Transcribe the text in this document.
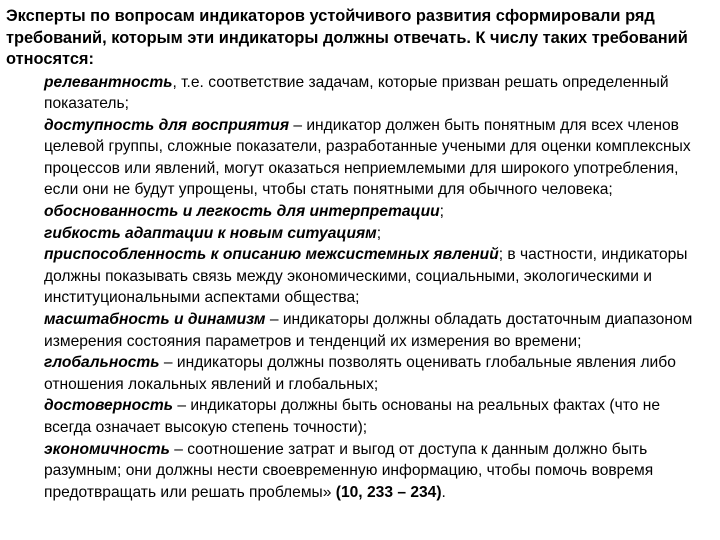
Эксперты по вопросам индикаторов устойчивого развития сформировали ряд требований, которым эти индикаторы должны отвечать. К числу таких требований относятся:

релевантность, т.е. соответствие задачам, которые призван решать определенный показатель;

доступность для восприятия – индикатор должен быть понятным для всех членов целевой группы, сложные показатели, разработанные учеными для оценки комплексных процессов или явлений, могут оказаться неприемлемыми для широкого употребления, если они не будут упрощены, чтобы стать понятными для обычного человека;

обоснованность и легкость для интерпретации;

гибкость адаптации к новым ситуациям;

приспособленность к описанию межсистемных явлений; в частности, индикаторы должны показывать связь между экономическими, социальными, экологическими и институциональными аспектами общества;

масштабность и динамизм – индикаторы должны обладать достаточным диапазоном измерения состояния параметров и тенденций их измерения во времени;

глобальность – индикаторы должны позволять оценивать глобальные явления либо отношения локальных явлений и глобальных;

достоверность – индикаторы должны быть основаны на реальных фактах (что не всегда означает высокую степень точности);

экономичность – соотношение затрат и выгод от доступа к данным должно быть разумным; они должны нести своевременную информацию, чтобы помочь вовремя предотвращать или решать проблемы» (10, 233 – 234).
